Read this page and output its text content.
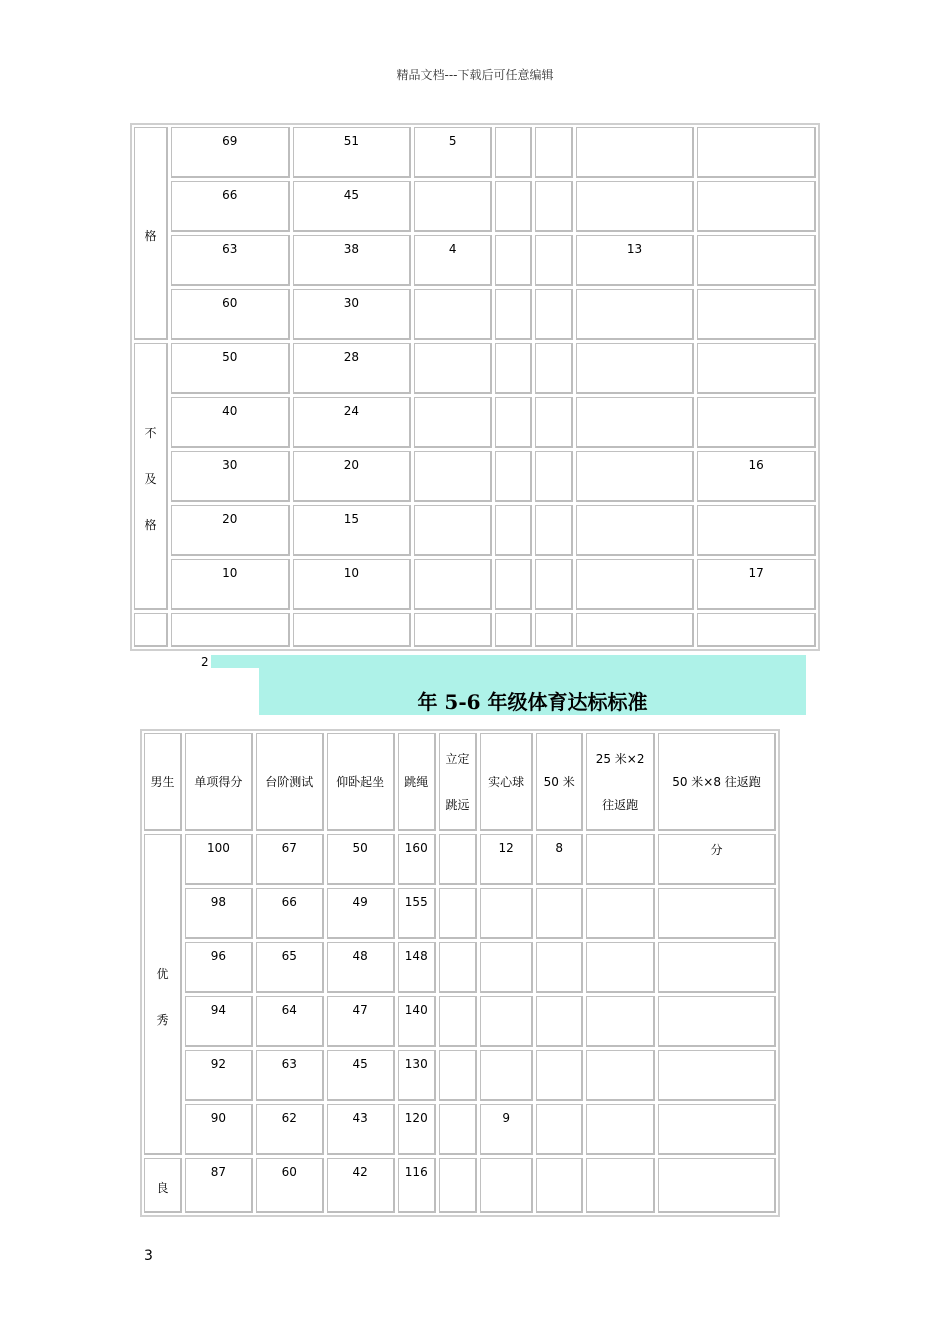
精品文档---下载后可任意编辑
格	69	51	5				
	66	45					
	63	38	4			13	
	60	30					
不
及
格	50	28					
	40	24					
	30	20					16
	20	15					
	10	10					17

2
年 5-6 年级体育达标标准
男生	单项得分	台阶测试	仰卧起坐	跳绳	立定
跳远	实心球	50 米	25 米×2
往返跑	50 米×8 往返跑
优
秀	100	67	50	160		12	8		分
	98	66	49	155					
	96	65	48	148					
	94	64	47	140					
	92	63	45	130					
	90	62	43	120		9			
良	87	60	42	116					
3
